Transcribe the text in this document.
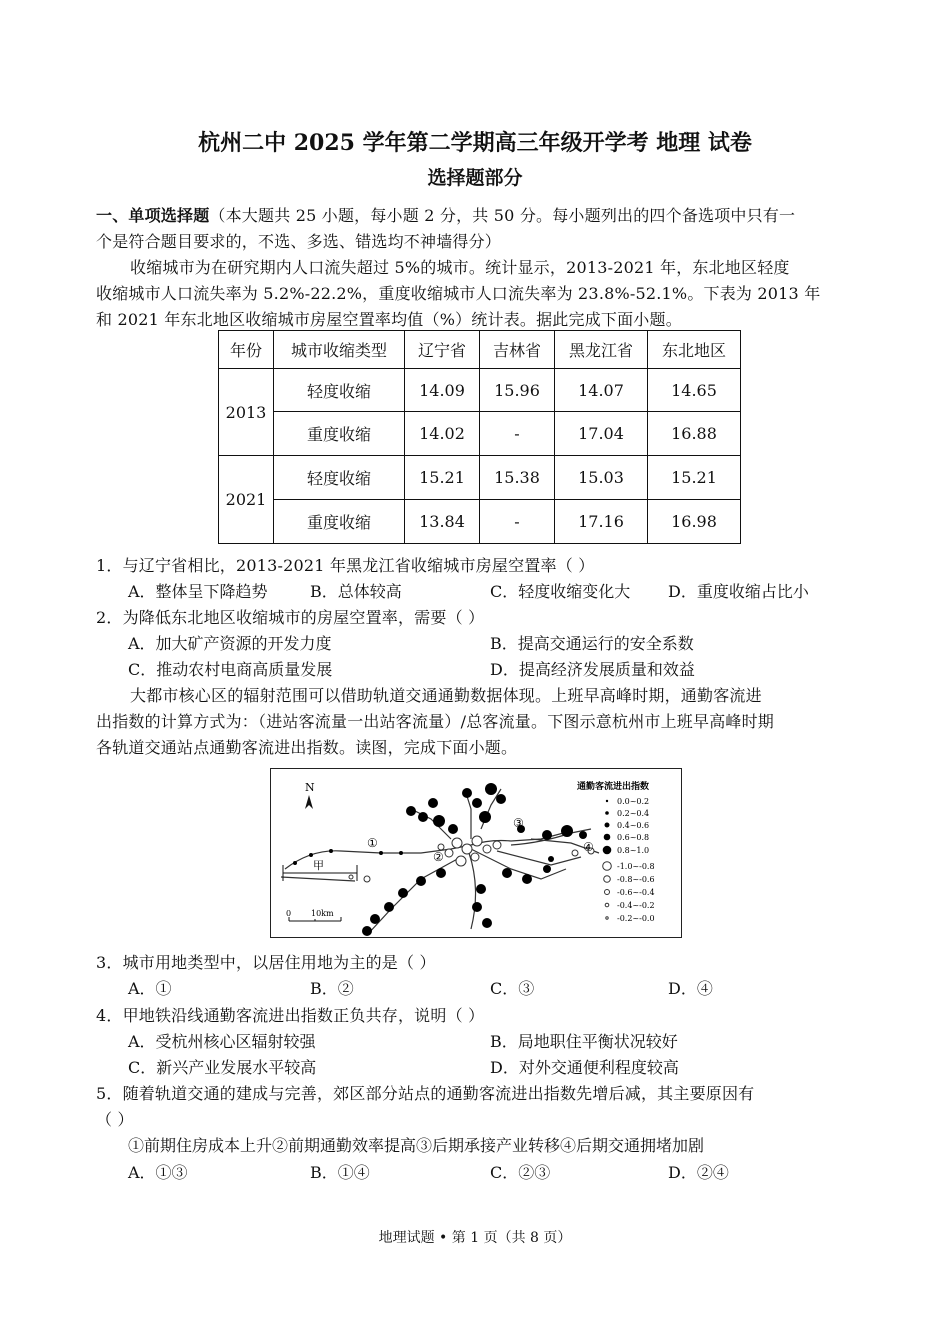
杭州二中 2025 学年第二学期高三年级开学考 地理 试卷
选择题部分
一、单项选择题（本大题共 25 小题，每小题 2 分，共 50 分。每小题列出的四个备选项中只有一
个是符合题目要求的，不选、多选、错选均不神墙得分）
收缩城市为在研究期内人口流失超过 5%的城市。统计显示，2013-2021 年，东北地区轻度
收缩城市人口流失率为 5.2%-22.2%，重度收缩城市人口流失率为 23.8%-52.1%。下表为 2013 年
和 2021 年东北地区收缩城市房屋空置率均值（%）统计表。据此完成下面小题。
年份	城市收缩类型	辽宁省	吉林省	黑龙江省	东北地区
2013	轻度收缩	14.09	15.96	14.07	14.65
	重度收缩	14.02	-	17.04	16.88
2021	轻度收缩	15.21	15.38	15.03	15.21
	重度收缩	13.84	-	17.16	16.98
1．与辽宁省相比，2013-2021 年黑龙江省收缩城市房屋空置率（ ）
A．整体呈下降趋势	B．总体较高	C．轻度收缩变化大 D．重度收缩占比小
2．为降低东北地区收缩城市的房屋空置率，需要（ ）
A．加大矿产资源的开发力度	B．提高交通运行的安全系数
C．推动农村电商高质量发展	D．提高经济发展质量和效益
大都市核心区的辐射范围可以借助轨道交通通勤数据体现。上班早高峰时期，通勤客流进
出指数的计算方式为：（进站客流量一出站客流量）/总客流量。下图示意杭州市上班早高峰时期
各轨道交通站点通勤客流进出指数。读图，完成下面小题。
N
甲
①
②
③
④
0 10km
通勤客流进出指数
0.0~0.2
0.2~0.4
0.4~0.6
0.6~0.8
0.8~1.0
-1.0~-0.8
-0.8~-0.6
-0.6~-0.4
-0.4~-0.2
-0.2~-0.0
3．城市用地类型中，以居住用地为主的是（ ）
A．①	B．②	C．③	D．④
4．甲地铁沿线通勤客流进出指数正负共存，说明（ ）
A．受杭州核心区辐射较强	B．局地职住平衡状况较好
C．新兴产业发展水平较高	D．对外交通便利程度较高
5．随着轨道交通的建成与完善，郊区部分站点的通勤客流进出指数先增后减，其主要原因有
（ ）
①前期住房成本上升②前期通勤效率提高③后期承接产业转移④后期交通拥堵加剧
A．①③	B．①④	C．②③	D．②④
地理试题 • 第 1 页（共 8 页）
